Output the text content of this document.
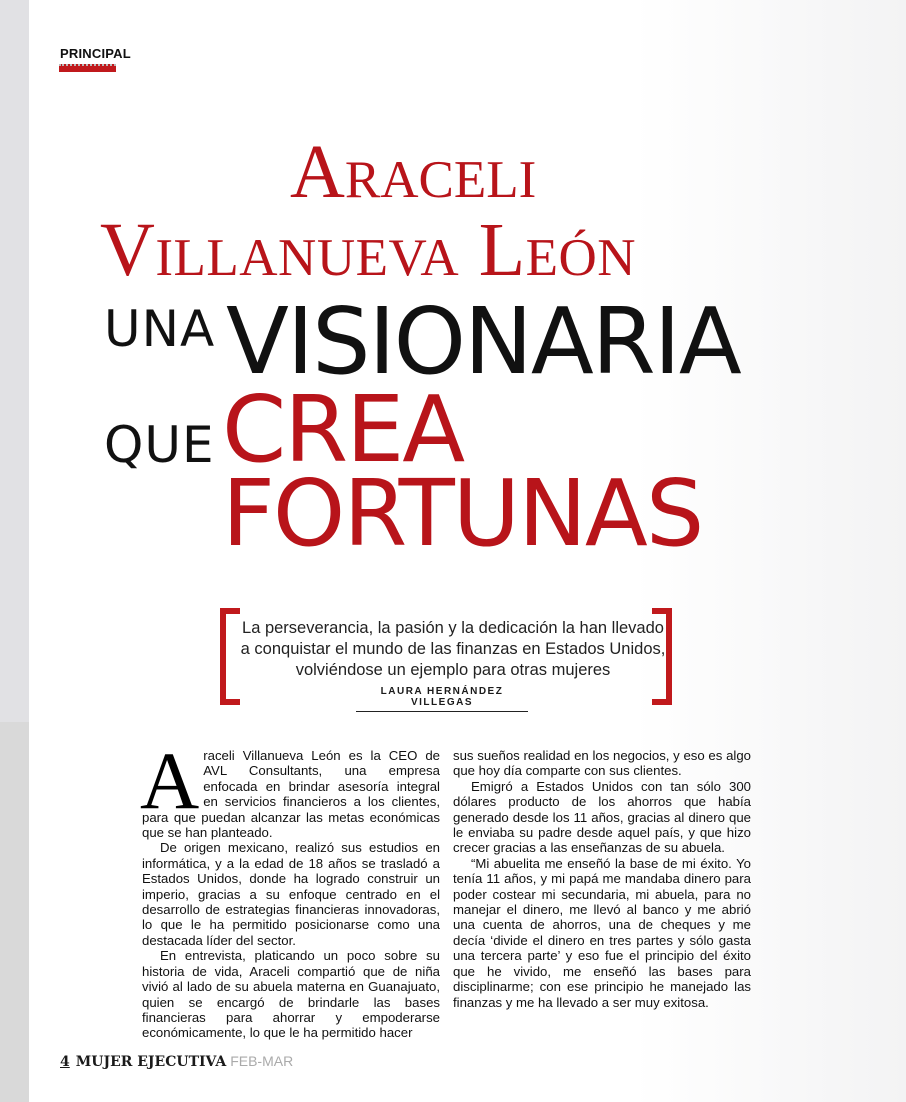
PRINCIPAL
Araceli
Villanueva León
UNA VISIONARIA
QUE CREA
FORTUNAS
La perseverancia, la pasión y la dedicación la han llevado a conquistar el mundo de las finanzas en Estados Unidos, volviéndose un ejemplo para otras mujeres
LAURA HERNÁNDEZ VILLEGAS

Araceli Villanueva León es la CEO de AVL Consultants, una empresa enfocada en brindar asesoría integral en servicios financieros a los clientes, para que puedan alcanzar las metas económicas que se han planteado.

De origen mexicano, realizó sus estudios en informática, y a la edad de 18 años se trasladó a Estados Unidos, donde ha logrado construir un imperio, gracias a su enfoque centrado en el desarrollo de estrategias financieras innovadoras, lo que le ha permitido posicionarse como una destacada líder del sector.

En entrevista, platicando un poco sobre su historia de vida, Araceli compartió que de niña vivió al lado de su abuela materna en Guanajuato, quien se encargó de brindarle las bases financieras para ahorrar y empoderarse económicamente, lo que le ha permitido hacer

sus sueños realidad en los negocios, y eso es algo que hoy día comparte con sus clientes.

Emigró a Estados Unidos con tan sólo 300 dólares producto de los ahorros que había generado desde los 11 años, gracias al dinero que le enviaba su padre desde aquel país, y que hizo crecer gracias a las enseñanzas de su abuela.

“Mi abuelita me enseñó la base de mi éxito. Yo tenía 11 años, y mi papá me mandaba dinero para poder costear mi secundaria, mi abuela, para no manejar el dinero, me llevó al banco y me abrió una cuenta de ahorros, una de cheques y me decía ‘divide el dinero en tres partes y sólo gasta una tercera parte’ y eso fue el principio del éxito que he vivido, me enseñó las bases para disciplinarme; con ese principio he manejado las finanzas y me ha llevado a ser muy exitosa.

4 MUJER EJECUTIVA FEB-MAR
